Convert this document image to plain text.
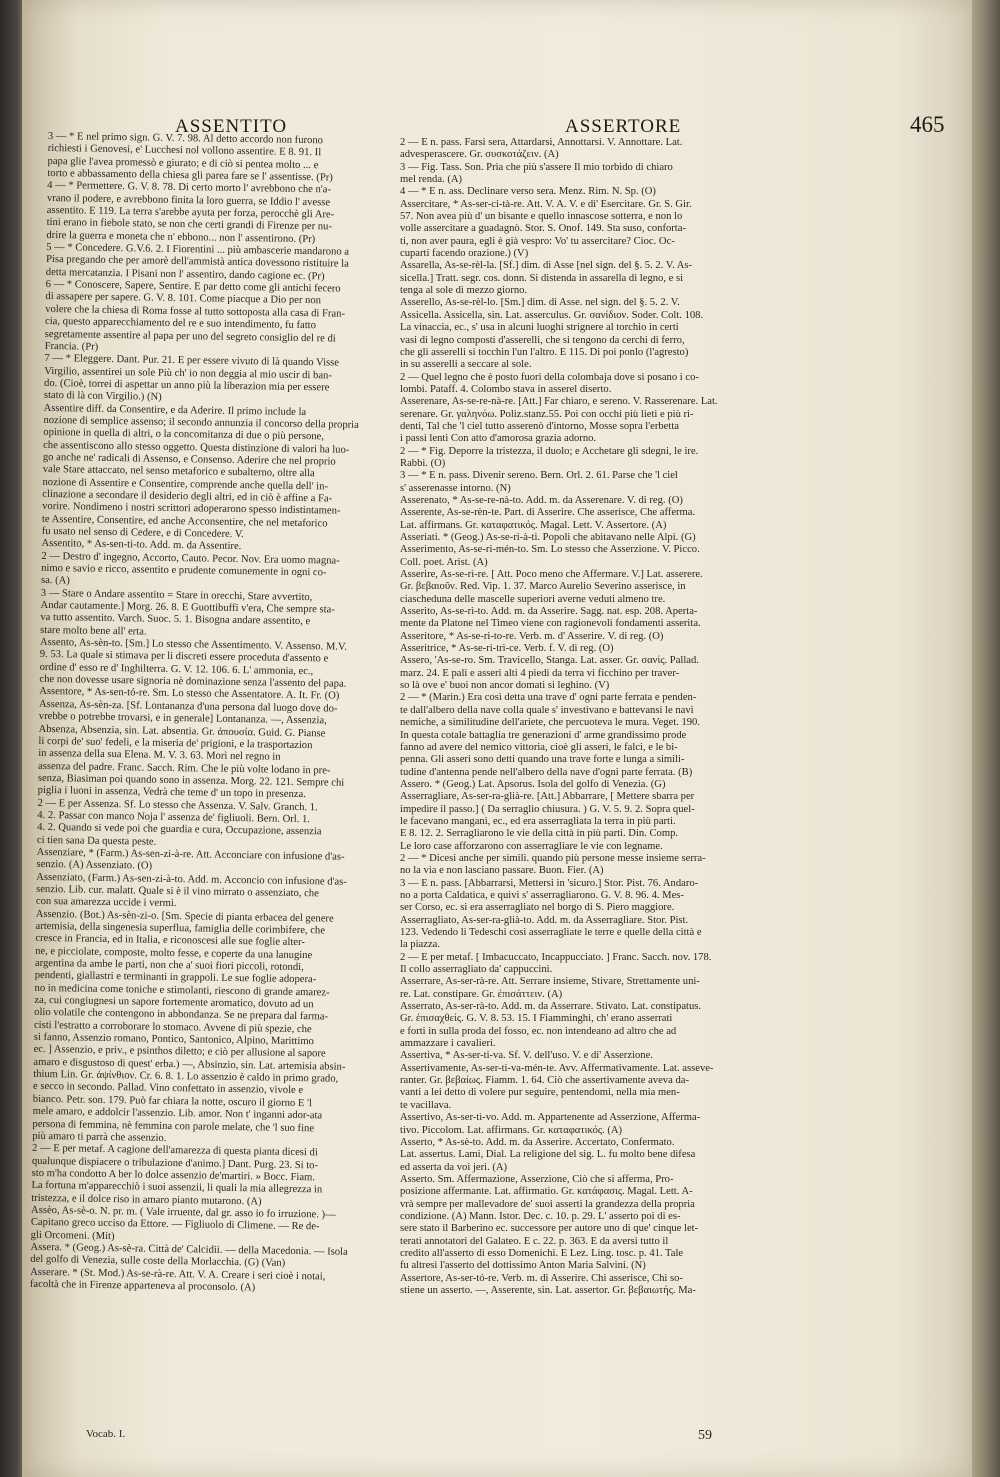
ASSENTITO	ASSERTORE	465
3 — * E nel primo sign. G. V. 7. 98. Al detto accordo non furono
richiesti i Genovesi, e' Lucchesi nol vollono assentire. E 8. 91. Il
papa glie l'avea promessò e giurato; e di ciò si pentea molto ... e
torto e abbassamento della chiesa gli parea fare se l' assentisse. (Pr)
4 — * Permettere. G. V. 8. 78. Di certo morto l' avrebbono che n'a-
vrano il podere, e avrebbono finita la loro guerra, se Iddio l' avesse
assentito. E 119. La terra s'arebbe ayuta per forza, perocchè gli Are-
tini erano in fiebole stato, se non che certi grandi di Firenze per nu-
drire la guerra e moneta che n' ebbono... non l' assentirono. (Pr)
5 — * Concedere. G.V.6. 2. I Fiorentini ... più ambascerie mandarono a
Pisa pregando che per amorè dell'ammistà antica dovessono ristituire la
detta mercatanzia. I Pisani non l' assentiro, dando cagione ec. (Pr)
6 — * Conoscere, Sapere, Sentire. E par detto come gli antichi fecero
di assapere per sapere. G. V. 8. 101. Come piacque a Dio per non
volere che la chiesa di Roma fosse al tutto sottoposta alla casa di Fran-
cia, questo apparecchiamento del re e suo intendimento, fu fatto
segretamente assentire al papa per uno del segreto consiglio del re di
Francia. (Pr)
7 — * Eleggere. Dant. Pur. 21. E per essere vivuto di là quando Visse
Virgilio, assentirei un sole Più ch' io non deggia al mio uscir di ban-
do. (Cioè, torrei di aspettar un anno più la liberazion mia per essere
stato di là con Virgilio.) (N)
Assentire diff. da Consentire, e da Aderire. Il primo include la
nozione di semplice assenso; il secondo annunzia il concorso della propria
opinione in quella di altri, o la concomitanza di due o più persone,
che assentiscono allo stesso oggetto. Questa distinzione di valori ha luo-
go anche ne' radicali di Assenso, e Consenso. Aderire che nel proprio
vale Stare attaccato, nel senso metaforico e subalterno, oltre alla
nozione di Assentire e Consentire, comprende anche quella dell' in-
clinazione a secondare il desiderio degli altri, ed in ciò è affine a Fa-
vorire. Nondimeno i nostri scrittori adoperarono spesso indistintamen-
te Assentire, Consentire, ed anche Acconsentire, che nel metaforico
fu usato nel senso di Cedere, e di Concedere. V.
Assentito, * As-sen-ti-to. Add. m. da Assentire.
2 — Destro d' ingegno, Accorto, Cauto. Pecor. Nov. Era uomo magna-
nimo e savio e ricco, assentito e prudente comunemente in ogni co-
sa. (A)
3 — Stare o Andare assentito = Stare in orecchi, Stare avvertito,
Andar cautamente.] Morg. 26. 8. E Guottibuffi v'era, Che sempre sta-
va tutto assentito. Varch. Suoc. 5. 1. Bisogna andare assentito, e
stare molto bene all' erta.
Assento, As-sèn-to. [Sm.] Lo stesso che Assentimento. V. Assenso. M.V.
9. 53. La quale si stimava per li discreti essere proceduta d'assento e
ordine d' esso re d' Inghilterra. G. V. 12. 106. 6. L' ammonia, ec.,
che non dovesse usare signoria nè dominazione senza l'assento del papa.
Assentore, * As-sen-tó-re. Sm. Lo stesso che Assentatore. A. It. Fr. (O)
Assenza, As-sèn-za. [Sf. Lontananza d'una persona dal luogo dove do-
vrebbe o potrebbe trovarsi, e in generale] Lontananza. —, Assenzia,
Absenza, Absenzia, sin. Lat. absentia. Gr. ἀπουσία. Guid. G. Pianse
li corpi de' suo' fedeli, e la miseria de' prigioni, e la trasportazion
in assenza della sua Elena. M. V. 3. 63. Morì nel regno in
assenza del padre. Franc. Sacch. Rim. Che le più volte lodano in pre-
senza, Biasiman poi quando sono in assenza. Morg. 22. 121. Sempre chi
piglia i luoni in assenza, Vedrà che teme d' un topo in presenza.
2 — E per Assenza. Sf. Lo stesso che Assenza. V. Salv. Granch. 1.
4. 2. Passar con manco Noja l' assenza de' figliuoli. Bern. Orl. 1.
4. 2. Quando si vede poi che guardia e cura, Occupazione, assenzia
ci tien sana Da questa peste.
Assenziare, * (Farm.) As-sen-zi-à-re. Att. Acconciare con infusione d'as-
senzio. (A) Assenziato. (O)
Assenziato, (Farm.) As-sen-zi-à-to. Add. m. Acconcio con infusione d'as-
senzio. Lib. cur. malatt. Quale si è il vino mirrato o assenziato, che
con sua amarezza uccide i vermi.
Assenzio. (Bot.) As-sèn-zi-o. [Sm. Specie di pianta erbacea del genere
artemisia, della singenesia superflua, famiglia delle corimbifere, che
cresce in Francia, ed in Italia, e riconoscesi alle sue foglie alter-
ne, e picciolate, composte, molto fesse, e coperte da una lanugine
argentina da ambe le parti, non che a' suoi fiori piccoli, rotondi,
pendenti, giallastri e terminanti in grappoli. Le sue foglie adopera-
no in medicina come toniche e stimolanti, riescono di grande amarez-
za, cui congiugnesi un sapore fortemente aromatico, dovuto ad un
olio volatile che contengono in abbondanza. Se ne prepara dal farma-
cisti l'estratto a corroborare lo stomaco. Avvene di più spezie, che
si fanno, Assenzio romano, Pontico, Santonico, Alpino, Marittimo
ec. ] Assenzio, e priv., e psinthos diletto; e ciò per allusione al sapore
amaro e disgustoso di quest' erba.) —, Absinzio, sin. Lat. artemisia absin-
thium Lin. Gr. ἀψίνθιον. Cr. 6. 8. 1. Lo assenzio è caldo in primo grado,
e secco in secondo. Pallad. Vino confettato in assenzio, vivole e
bianco. Petr. son. 179. Può far chiara la notte, oscuro il giorno E 'l
mele amaro, e addolcir l'assenzio. Lib. amor. Non t' inganni ador-ata
persona di femmina, nè femmina con parole melate, che 'l suo fine
più amaro ti parrà che assenzio.
2 — E per metaf. A cagione dell'amarezza di questa pianta dicesi di
qualunque dispiacere o tribulazione d'animo.] Dant. Purg. 23. Si to-
sto m'ha condotto A ber lo dolce assenzio de'martiri. » Bocc. Fiam.
La fortuna m'apparecchiò i suoi assenzii, li quali la mia allegrezza in
tristezza, e il dolce riso in amaro pianto mutarono. (A)
Assèo, As-sè-o. N. pr. m. ( Vale irruente, dal gr. asso io fo irruzione. )—
Capitano greco ucciso da Ettore. — Figliuolo di Climene. — Re de-
gli Orcomeni. (Mit)
Assera. * (Geog.) As-sè-ra. Città de' Calcidii. — della Macedonia. — Isola
del golfo di Venezia, sulle coste della Morlacchia. (G) (Van)
Asserare. * (St. Mod.) As-se-rà-re. Att. V. A. Creare i seri cioè i notai,
facoltà che in Firenze apparteneva al proconsolo. (A)
2 — E n. pass. Farsi sera, Attardarsi, Annottarsi. V. Annottare. Lat.
advesperascere. Gr. συσκοτάζειν. (A)
3 — Fig. Tass. Son. Pria che più s'assere Il mio torbido di chiaro
mel renda. (A)
4 — * E n. ass. Declinare verso sera. Menz. Rim. N. Sp. (O)
Assercitare, * As-ser-ci-tà-re. Att. V. A. V. e di' Esercitare. Gr. S. Gir.
57. Non avea più d' un bisante e quello innascose sotterra, e non lo
volle assercitare a guadagnò. Stor. S. Onof. 149. Sta suso, conforta-
ti, non aver paura, egli è già vespro: Vo' tu assercitare? Cioc. Oc-
cuparti facendo orazione.) (V)
Assarella, As-se-rèl-la. [Sf.] dim. di Asse [nel sign. del §. 5. 2. V. As-
sicella.] Tratt. segr. cos. donn. Si distenda in assarella di legno, e si
tenga al sole di mezzo giorno.
Asserello, As-se-rèl-lo. [Sm.] dim. di Asse. nel sign. del §. 5. 2. V.
Assicella. Assicella, sin. Lat. asserculus. Gr. σανίδιον. Soder. Colt. 108.
La vinaccia, ec., s' usa in alcuni luoghi strignere al torchio in certi
vasi di legno composti d'asserelli, che si tengono da cerchi di ferro,
che gli asserelli si tocchin l'un l'altro. E 115. Di poi ponlo (l'agresto)
in su asserelli a seccare al sole.
2 — Quel legno che è posto fuori della colombaja dove si posano i co-
lombi. Pataff. 4. Colombo stava in asserel diserto.
Asserenare, As-se-re-nà-re. [Att.] Far chiaro, e sereno. V. Rasserenare. Lat.
serenare. Gr. γαληνόω. Poliz.stanz.55. Poi con occhi più lieti e più ri-
denti, Tal che 'l ciel tutto asserenò d'intorno, Mosse sopra l'erbetta
i passi lenti Con atto d'amorosa grazia adorno.
2 — * Fig. Deporre la tristezza, il duolo; e Acchetare gli sdegni, le ire.
Rabbi. (O)
3 — * E n. pass. Divenir sereno. Bern. Orl. 2. 61. Parse che 'l ciel
s' asserenasse intorno. (N)
Asserenato, * As-se-re-nà-to. Add. m. da Asserenare. V. di reg. (O)
Asserente, As-se-rèn-te. Part. di Asserire. Che asserisce, Che afferma.
Lat. affirmans. Gr. καταφατικός. Magal. Lett. V. Assertore. (A)
Asseriati. * (Geog.) As-se-ri-à-ti. Popoli che abitavano nelle Alpi. (G)
Asserimento, As-se-ri-mén-to. Sm. Lo stesso che Asserzione. V. Picco.
Coll. poet. Arist. (A)
Asserire, As-se-rì-re. [ Att. Poco meno che Affermare. V.] Lat. asserere.
Gr. βεβαιοῦν. Red. Vip. 1. 37. Marco Aurelio Severino asserisce, in
ciascheduna delle mascelle superiori averne veduti almeno tre.
Asserito, As-se-rì-to. Add. m. da Asserire. Sagg. nat. esp. 208. Aperta-
mente da Platone nel Timeo viene con ragionevoli fondamenti asserita.
Asseritore, * As-se-ri-to-re. Verb. m. d' Asserire. V. di reg. (O)
Asseritrice, * As-se-ri-trì-ce. Verb. f. V. di reg. (O)
Assero, 'As-se-ro. Sm. Travicello, Stanga. Lat. asser. Gr. σανίς. Pallad.
marz. 24. E pali e asseri alti 4 piedi da terra vi ficchino per traver-
so là ove e' buoi non ancor domati si leghino. (V)
2 — * (Marin.) Era così detta una trave d' ogni parte ferrata e penden-
te dall'albero della nave colla quale s' investivano e battevansi le navi
nemiche, a similitudine dell'ariete, che percuoteva le mura. Veget. 190.
In questa cotale battaglia tre generazioni d' arme grandissimo prode
fanno ad avere del nemico vittoria, cioè gli asseri, le falci, e le bi-
penna. Gli asseri sono detti quando una trave forte e lunga a simili-
tudine d'antenna pende nell'albero della nave d'ogni parte ferrata. (B)
Assero. * (Geog.) Lat. Apsorus. Isola del golfo di Venezia. (G)
Asserragliare, As-ser-ra-glià-re. [Att.] Abbarrare, [ Mettere sbarra per
impedire il passo.] ( Da serraglio chiusura. ) G. V. 5. 9. 2. Sopra quel-
le facevano mangani, ec., ed era asserragliata la terra in più parti.
E 8. 12. 2. Serragliarono le vie della città in più parti. Din. Comp.
Le loro case afforzarono con asserragliare le vie con legname.
2 — * Dicesi anche per simili. quando più persone messe insieme serra-
no la via e non lasciano passare. Buon. Fier. (A)
3 — E n. pass. [Abbarrarsi, Mettersi in 'sicuro.] Stor. Pist. 76. Andaro-
no a porta Caldatica, e quivi s' asserragliarono. G. V. 8. 96. 4. Mes-
ser Corso, ec. si era asserragliato nel borgo di S. Piero maggiore.
Asserragliato, As-ser-ra-glià-to. Add. m. da Asserragliare. Stor. Pist.
123. Vedendo li Tedeschi così asserragliate le terre e quelle della città e
la piazza.
2 — E per metaf. [ Imbacuccato, Incappucciato. ] Franc. Sacch. nov. 178.
Il collo asserragliato da' cappuccini.
Asserrare, As-ser-rà-re. Att. Serrare insieme, Stivare, Strettamente uni-
re. Lat. constipare. Gr. ἐπισάττειν. (A)
Asserrato, As-ser-rà-to. Add. m. da Asserrare. Stivato. Lat. constipatus.
Gr. ἐπισαχθείς. G. V. 8. 53. 15. I Fiamminghi, ch' erano asserrati
e forti in sulla proda del fosso, ec. non intendeano ad altro che ad
ammazzare i cavalieri.
Assertiva, * As-ser-ti-va. Sf. V. dell'uso. V. e di' Asserzione.
Assertivamente, As-ser-ti-va-mén-te. Avv. Affermativamente. Lat. asseve-
ranter. Gr. βεβαίως. Fiamm. 1. 64. Ciò che assertivamente aveva da-
vanti a lei detto di volere pur seguire, pentendomi, nella mia men-
te vacillava.
Assertivo, As-ser-tì-vo. Add. m. Appartenente ad Asserzione, Afferma-
tivo. Piccolom. Lat. affirmans. Gr. καταφατικός. (A)
Asserto, * As-sè-to. Add. m. da Asserire. Accertato, Confermato.
Lat. assertus. Lami, Dial. La religione del sig. L. fu molto bene difesa
ed asserta da voi jeri. (A)
Asserto. Sm. Affermazione, Asserzione, Ciò che si afferma, Pro-
posizione affermante. Lat. affirmatio. Gr. κατάφασις. Magal. Lett. A-
vrà sempre per mallevadore de' suoi asserti la grandezza della propria
condizione. (A) Mann. Istor. Dec. c. 10. p. 29. L' asserto poi di es-
sere stato il Barberino ec. successore per autore uno di que' cinque let-
terati annotatori del Galateo. E c. 22. p. 363. E da aversi tutto il
credito all'asserto di esso Domenichi. E Lez. Ling. tosc. p. 41. Tale
fu altresì l'asserto del dottissimo Anton Maria Salvini. (N)
Assertore, As-ser-tó-re. Verb. m. di Asserire. Chi asserisce, Chi so-
stiene un asserto. —, Asserente, sin. Lat. assertor. Gr. βεβαιωτής. Ma-
Vocab. I.	59
